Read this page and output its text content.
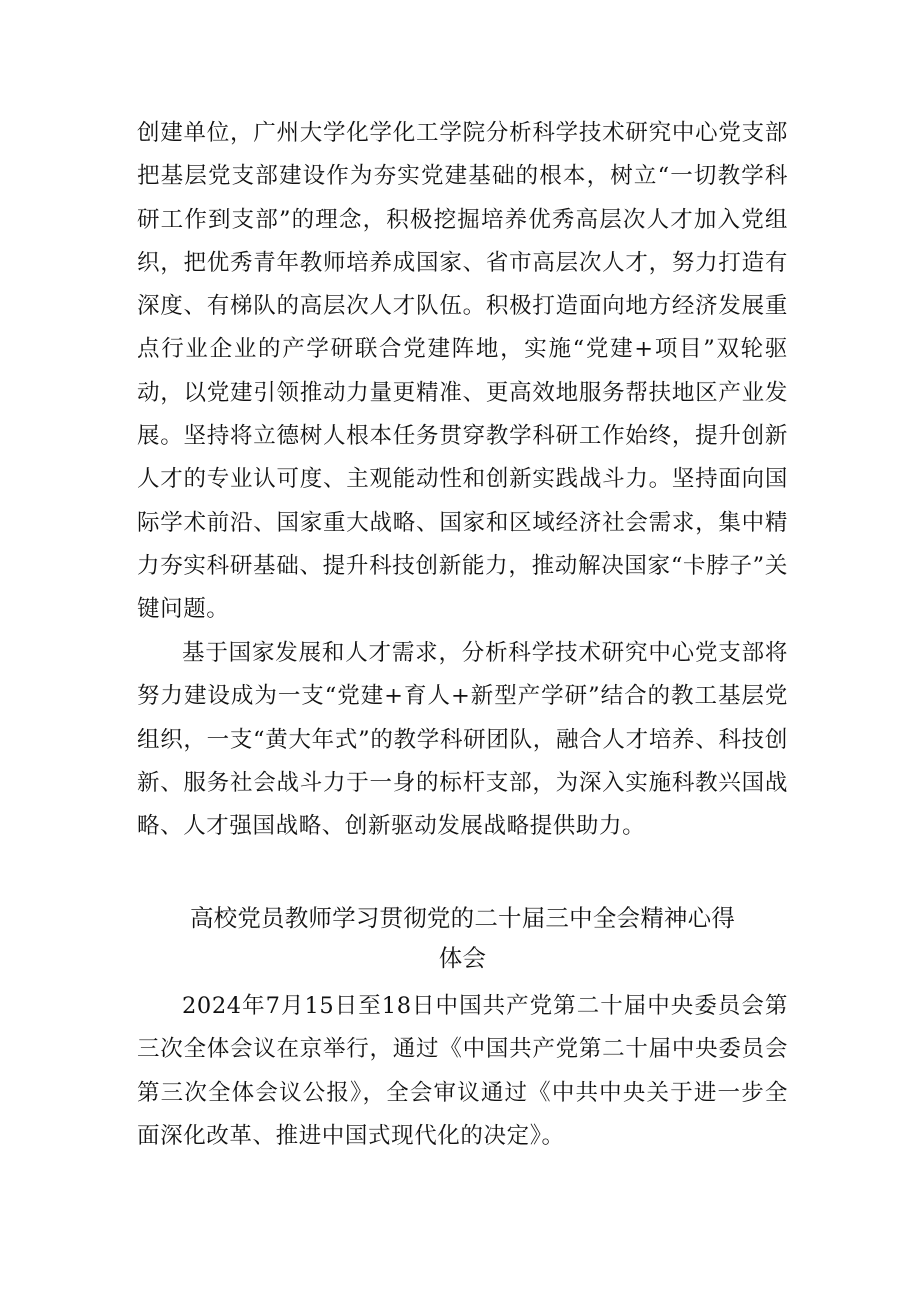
创建单位，广州大学化学化工学院分析科学技术研究中心党支部把基层党支部建设作为夯实党建基础的根本，树立“一切教学科研工作到支部”的理念，积极挖掘培养优秀高层次人才加入党组织，把优秀青年教师培养成国家、省市高层次人才，努力打造有深度、有梯队的高层次人才队伍。积极打造面向地方经济发展重点行业企业的产学研联合党建阵地，实施“党建+项目”双轮驱动，以党建引领推动力量更精准、更高效地服务帮扶地区产业发展。坚持将立德树人根本任务贯穿教学科研工作始终，提升创新人才的专业认可度、主观能动性和创新实践战斗力。坚持面向国际学术前沿、国家重大战略、国家和区域经济社会需求，集中精力夯实科研基础、提升科技创新能力，推动解决国家“卡脖子”关键问题。

基于国家发展和人才需求，分析科学技术研究中心党支部将努力建设成为一支“党建+育人+新型产学研”结合的教工基层党组织，一支“黄大年式”的教学科研团队，融合人才培养、科技创新、服务社会战斗力于一身的标杆支部，为深入实施科教兴国战略、人才强国战略、创新驱动发展战略提供助力。

高校党员教师学习贯彻党的二十届三中全会精神心得
体会

2024年7月15日至18日中国共产党第二十届中央委员会第三次全体会议在京举行，通过《中国共产党第二十届中央委员会第三次全体会议公报》，全会审议通过《中共中央关于进一步全面深化改革、推进中国式现代化的决定》。
